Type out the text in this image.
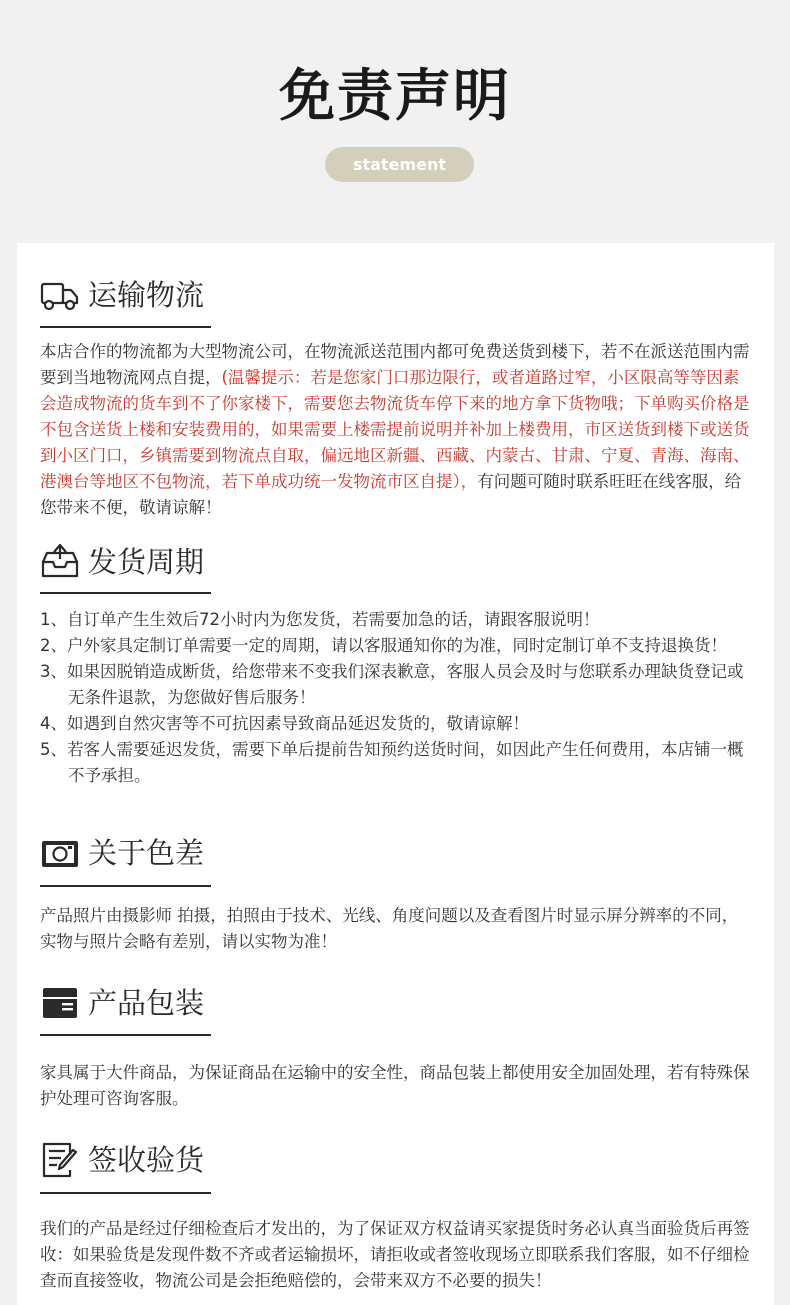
免责声明
statement
运输物流

本店合作的物流都为大型物流公司，在物流派送范围内都可免费送货到楼下，若不在派送范围内需要到当地物流网点自提，(温馨提示：若是您家门口那边限行，或者道路过窄，小区限高等等因素会造成物流的货车到不了你家楼下，需要您去物流货车停下来的地方拿下货物哦；下单购买价格是不包含送货上楼和安装费用的，如果需要上楼需提前说明并补加上楼费用，市区送货到楼下或送货到小区门口，乡镇需要到物流点自取，偏远地区新疆、西藏、内蒙古、甘肃、宁夏、青海、海南、港澳台等地区不包物流，若下单成功统一发物流市区自提），有问题可随时联系旺旺在线客服，给您带来不便，敬请谅解！

发货周期
1、自订单产生生效后72小时内为您发货，若需要加急的话，请跟客服说明！
2、户外家具定制订单需要一定的周期，请以客服通知你的为准，同时定制订单不支持退换货！
3、如果因脱销造成断货，给您带来不变我们深表歉意，客服人员会及时与您联系办理缺货登记或无条件退款，为您做好售后服务！
4、如遇到自然灾害等不可抗因素导致商品延迟发货的，敬请谅解！
5、若客人需要延迟发货，需要下单后提前告知预约送货时间，如因此产生任何费用，本店铺一概不予承担。
关于色差

产品照片由摄影师 拍摄，拍照由于技术、光线、角度问题以及查看图片时显示屏分辨率的不同，实物与照片会略有差别，请以实物为准！

产品包装

家具属于大件商品，为保证商品在运输中的安全性，商品包装上都使用安全加固处理，若有特殊保护处理可咨询客服。

签收验货

我们的产品是经过仔细检查后才发出的，为了保证双方权益请买家提货时务必认真当面验货后再签收：如果验货是发现件数不齐或者运输损坏，请拒收或者签收现场立即联系我们客服，如不仔细检查而直接签收，物流公司是会拒绝赔偿的，会带来双方不必要的损失！
